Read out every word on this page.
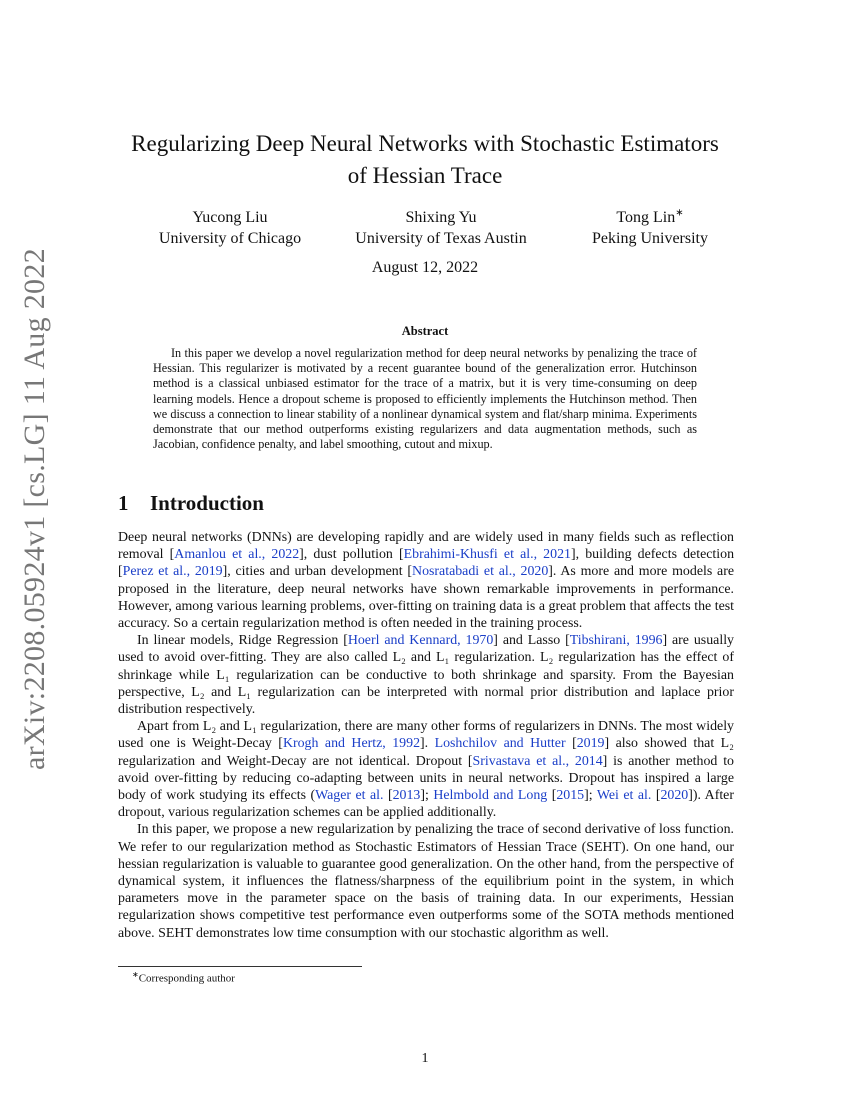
arXiv:2208.05924v1 [cs.LG] 11 Aug 2022
Regularizing Deep Neural Networks with Stochastic Estimators
of Hessian Trace
Yucong Liu
University of Chicago
Shixing Yu
University of Texas Austin
Tong Lin∗
Peking University
August 12, 2022
Abstract

In this paper we develop a novel regularization method for deep neural networks by penalizing the trace of Hessian. This regularizer is motivated by a recent guarantee bound of the generalization error. Hutchinson method is a classical unbiased estimator for the trace of a matrix, but it is very time-consuming on deep learning models. Hence a dropout scheme is proposed to efficiently implements the Hutchinson method. Then we discuss a connection to linear stability of a nonlinear dynamical system and flat/sharp minima. Experiments demonstrate that our method outperforms existing regularizers and data augmentation methods, such as Jacobian, confidence penalty, and label smoothing, cutout and mixup.

1 Introduction

Deep neural networks (DNNs) are developing rapidly and are widely used in many fields such as reflection removal [Amanlou et al., 2022], dust pollution [Ebrahimi-Khusfi et al., 2021], building defects detection [Perez et al., 2019], cities and urban development [Nosratabadi et al., 2020]. As more and more models are proposed in the literature, deep neural networks have shown remarkable improvements in performance. However, among various learning problems, over-fitting on training data is a great problem that affects the test accuracy. So a certain regularization method is often needed in the training process.

In linear models, Ridge Regression [Hoerl and Kennard, 1970] and Lasso [Tibshirani, 1996] are usually used to avoid over-fitting. They are also called L₂ and L₁ regularization. L₂ regularization has the effect of shrinkage while L₁ regularization can be conductive to both shrinkage and sparsity. From the Bayesian perspective, L₂ and L₁ regularization can be interpreted with normal prior distribution and laplace prior distribution respectively.

Apart from L₂ and L₁ regularization, there are many other forms of regularizers in DNNs. The most widely used one is Weight-Decay [Krogh and Hertz, 1992]. Loshchilov and Hutter [2019] also showed that L₂ regularization and Weight-Decay are not identical. Dropout [Srivastava et al., 2014] is another method to avoid over-fitting by reducing co-adapting between units in neural networks. Dropout has inspired a large body of work studying its effects (Wager et al. [2013]; Helmbold and Long [2015]; Wei et al. [2020]). After dropout, various regularization schemes can be applied additionally.

In this paper, we propose a new regularization by penalizing the trace of second derivative of loss function. We refer to our regularization method as Stochastic Estimators of Hessian Trace (SEHT). On one hand, our hessian regularization is valuable to guarantee good generalization. On the other hand, from the perspective of dynamical system, it influences the flatness/sharpness of the equilibrium point in the system, in which parameters move in the parameter space on the basis of training data. In our experiments, Hessian regularization shows competitive test performance even outperforms some of the SOTA methods mentioned above. SEHT demonstrates low time consumption with our stochastic algorithm as well.

∗Corresponding author
1
